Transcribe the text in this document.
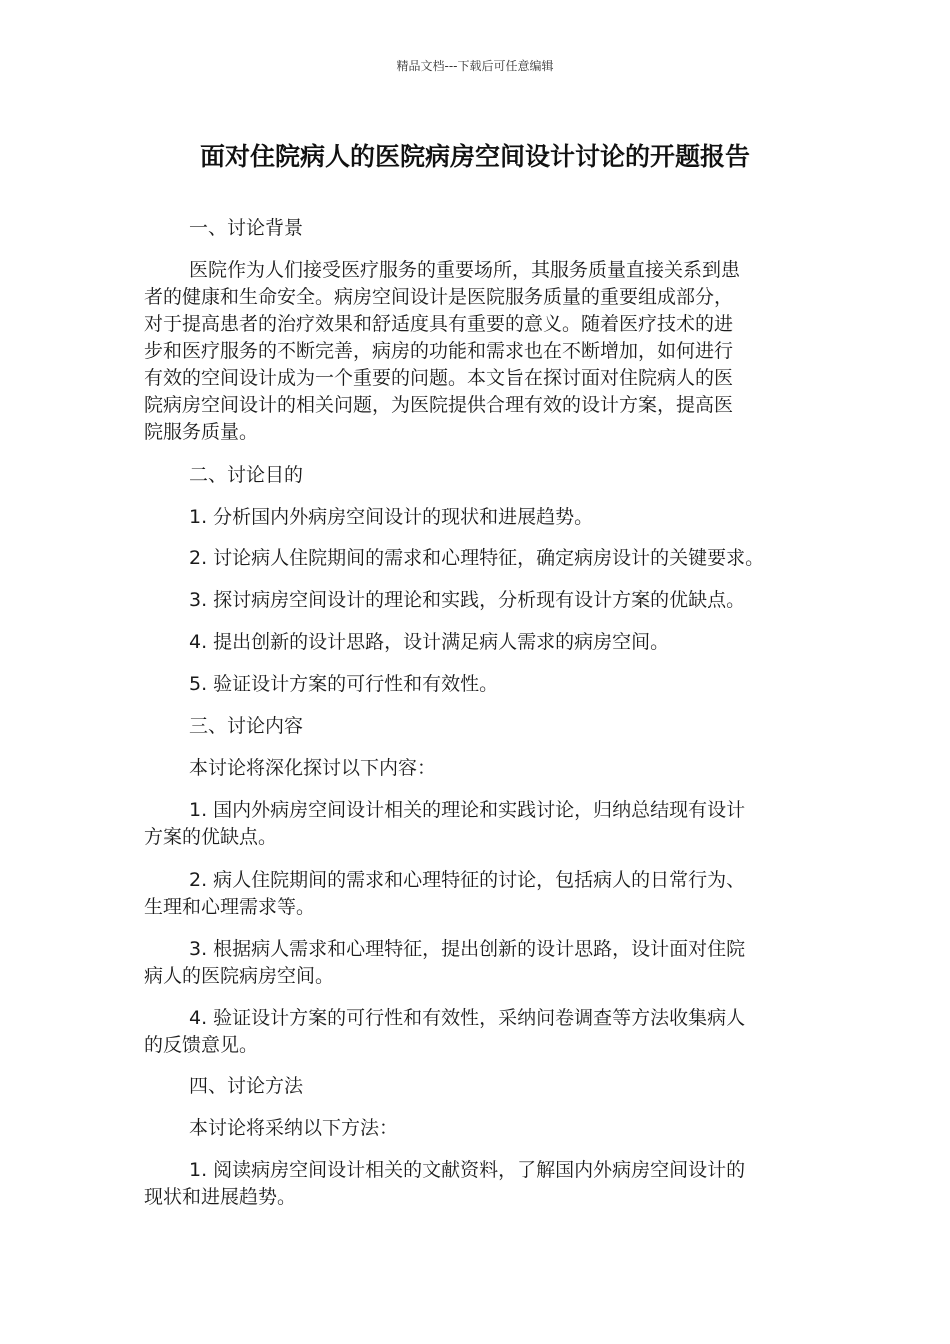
精品文档---下载后可任意编辑
面对住院病人的医院病房空间设计讨论的开题报告
一、讨论背景
医院作为人们接受医疗服务的重要场所，其服务质量直接关系到患
者的健康和生命安全。病房空间设计是医院服务质量的重要组成部分，
对于提高患者的治疗效果和舒适度具有重要的意义。随着医疗技术的进
步和医疗服务的不断完善，病房的功能和需求也在不断增加，如何进行
有效的空间设计成为一个重要的问题。本文旨在探讨面对住院病人的医
院病房空间设计的相关问题，为医院提供合理有效的设计方案，提高医
院服务质量。
二、讨论目的
1. 分析国内外病房空间设计的现状和进展趋势。
2. 讨论病人住院期间的需求和心理特征，确定病房设计的关键要求。
3. 探讨病房空间设计的理论和实践，分析现有设计方案的优缺点。
4. 提出创新的设计思路，设计满足病人需求的病房空间。
5. 验证设计方案的可行性和有效性。
三、讨论内容
本讨论将深化探讨以下内容：
1. 国内外病房空间设计相关的理论和实践讨论，归纳总结现有设计
方案的优缺点。
2. 病人住院期间的需求和心理特征的讨论，包括病人的日常行为、
生理和心理需求等。
3. 根据病人需求和心理特征，提出创新的设计思路，设计面对住院
病人的医院病房空间。
4. 验证设计方案的可行性和有效性，采纳问卷调查等方法收集病人
的反馈意见。
四、讨论方法
本讨论将采纳以下方法：
1. 阅读病房空间设计相关的文献资料，了解国内外病房空间设计的
现状和进展趋势。
